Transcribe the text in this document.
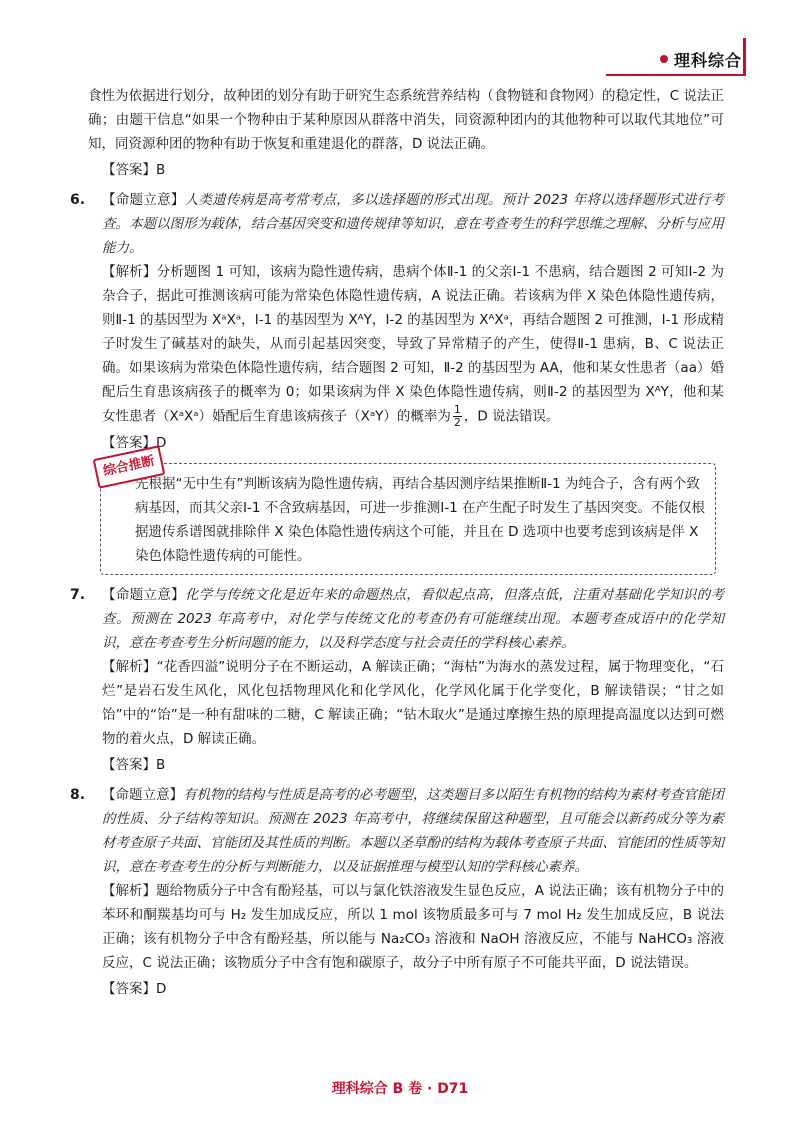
理科综合

食性为依据进行划分，故种团的划分有助于研究生态系统营养结构（食物链和食物网）的稳定性，C 说法正确；由题干信息“如果一个物种由于某种原因从群落中消失，同资源种团内的其他物种可以取代其地位”可知，同资源种团的物种有助于恢复和重建退化的群落，D 说法正确。

【答案】B

6.	【命题立意】人类遗传病是高考常考点，多以选择题的形式出现。预计 2023 年将以选择题形式进行考查。本题以图形为载体，结合基因突变和遗传规律等知识，意在考查考生的科学思维之理解、分析与应用能力。

【解析】分析题图 1 可知，该病为隐性遗传病，患病个体Ⅱ-1 的父亲Ⅰ-1 不患病，结合题图 2 可知Ⅰ-2 为杂合子，据此可推测该病可能为常染色体隐性遗传病，A 说法正确。若该病为伴 X 染色体隐性遗传病，则Ⅱ-1 的基因型为 XᵃXᵃ，Ⅰ-1 的基因型为 XᴬY，Ⅰ-2 的基因型为 XᴬXᵃ，再结合题图 2 可推测，Ⅰ-1 形成精子时发生了碱基对的缺失，从而引起基因突变，导致了异常精子的产生，使得Ⅱ-1 患病，B、C 说法正确。如果该病为常染色体隐性遗传病，结合题图 2 可知，Ⅱ-2 的基因型为 AA，他和某女性患者（aa）婚配后生育患该病孩子的概率为 0；如果该病为伴 X 染色体隐性遗传病，则Ⅱ-2 的基因型为 XᴬY，他和某女性患者（XᵃXᵃ）婚配后生育患该病孩子（XᵃY）的概率为 $\frac{1}{2}$ ，D 说法错误。

【答案】D

综合推断
先根据“无中生有”判断该病为隐性遗传病，再结合基因测序结果推断Ⅱ-1 为纯合子，含有两个致病基因，而其父亲Ⅰ-1 不含致病基因，可进一步推测Ⅰ-1 在产生配子时发生了基因突变。不能仅根据遗传系谱图就排除伴 X 染色体隐性遗传病这个可能，并且在 D 选项中也要考虑到该病是伴 X 染色体隐性遗传病的可能性。
7.	【命题立意】化学与传统文化是近年来的命题热点，看似起点高，但落点低，注重对基础化学知识的考查。预测在 2023 年高考中，对化学与传统文化的考查仍有可能继续出现。本题考查成语中的化学知识，意在考查考生分析问题的能力，以及科学态度与社会责任的学科核心素养。

【解析】“花香四溢”说明分子在不断运动，A 解读正确；“海枯”为海水的蒸发过程，属于物理变化，“石烂”是岩石发生风化，风化包括物理风化和化学风化，化学风化属于化学变化，B 解读错误；“甘之如饴”中的“饴”是一种有甜味的二糖，C 解读正确；“钻木取火”是通过摩擦生热的原理提高温度以达到可燃物的着火点，D 解读正确。

【答案】B

8.	【命题立意】有机物的结构与性质是高考的必考题型，这类题目多以陌生有机物的结构为素材考查官能团的性质、分子结构等知识。预测在 2023 年高考中，将继续保留这种题型，且可能会以新药成分等为素材考查原子共面、官能团及其性质的判断。本题以圣草酚的结构为载体考查原子共面、官能团的性质等知识，意在考查考生的分析与判断能力，以及证据推理与模型认知的学科核心素养。

【解析】题给物质分子中含有酚羟基，可以与氯化铁溶液发生显色反应，A 说法正确；该有机物分子中的苯环和酮羰基均可与 H₂ 发生加成反应，所以 1 mol 该物质最多可与 7 mol H₂ 发生加成反应，B 说法正确；该有机物分子中含有酚羟基，所以能与 Na₂CO₃ 溶液和 NaOH 溶液反应，不能与 NaHCO₃ 溶液反应，C 说法正确；该物质分子中含有饱和碳原子，故分子中所有原子不可能共平面，D 说法错误。

【答案】D

理科综合 B 卷 · D71
